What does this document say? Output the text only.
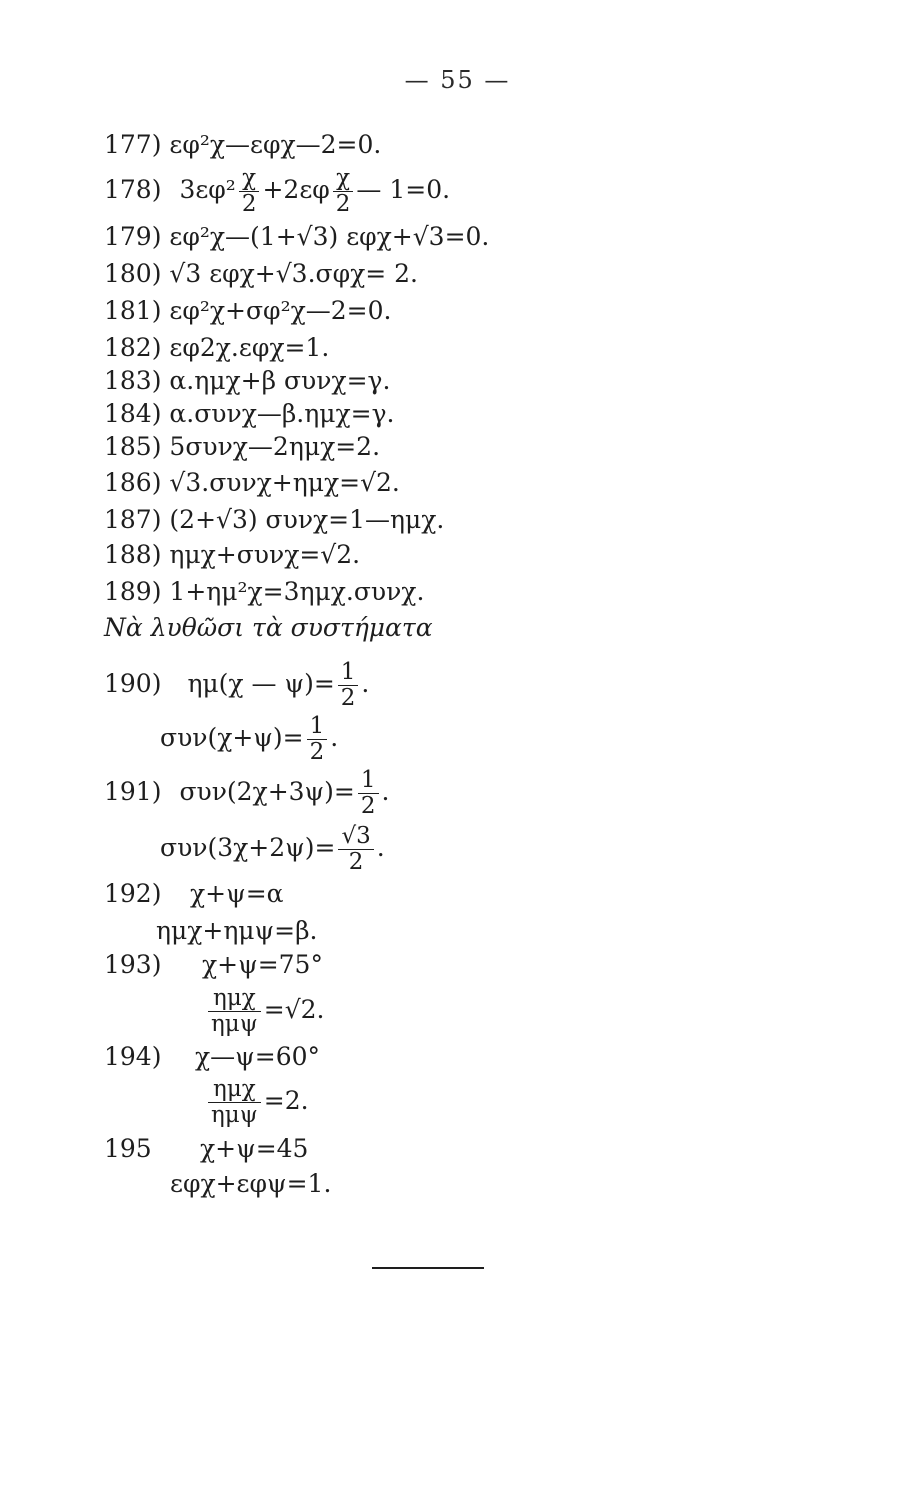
— 55 —
177) εφ²χ—εφχ—2=0.
178) $3\varepsilon\varphi^2 \frac{\chi}{2} +2\varepsilon\varphi \frac{\chi}{2}$ — 1=0.
179) εφ²χ—(1+√3) εφχ+√3=0.
180) √3 εφχ+√3.σφχ= 2.
181) εφ²χ+σφ²χ—2=0.
182) εφ2χ.εφχ=1.
183) α.ημχ+β συνχ=γ.
184) α.συνχ—β.ημχ=γ.
185) 5συνχ—2ημχ=2.
186) √3.συνχ+ημχ=√2.
187) (2+√3) συνχ=1—ημχ.
188) ημχ+συνχ=√2.
189) 1+ημ²χ=3ημχ.συνχ.
Νὰ λυθῶσι τὰ συστήματα
190) ημ(χ — $\psi)= \frac{1}{2}$ .
$\sigma\upsilon\nu(\chi+\psi)= \frac{1}{2}$ .
191) $\sigma\upsilon\nu(2\chi+3\psi)= \frac{1}{2}$ .
$\sigma\upsilon\nu(3\chi+2\psi)= \frac{√3}{2}$ .
192) χ+ψ=α
ημχ+ημψ=β.
193) χ+ψ=75°
$\frac{\text{ημχ}}{\text{ημψ}} =√2$.
194) χ—ψ=60°
$\frac{\text{ημχ}}{\text{ημψ}} =2$.
195 χ+ψ=45
εφχ+εφψ=1.
